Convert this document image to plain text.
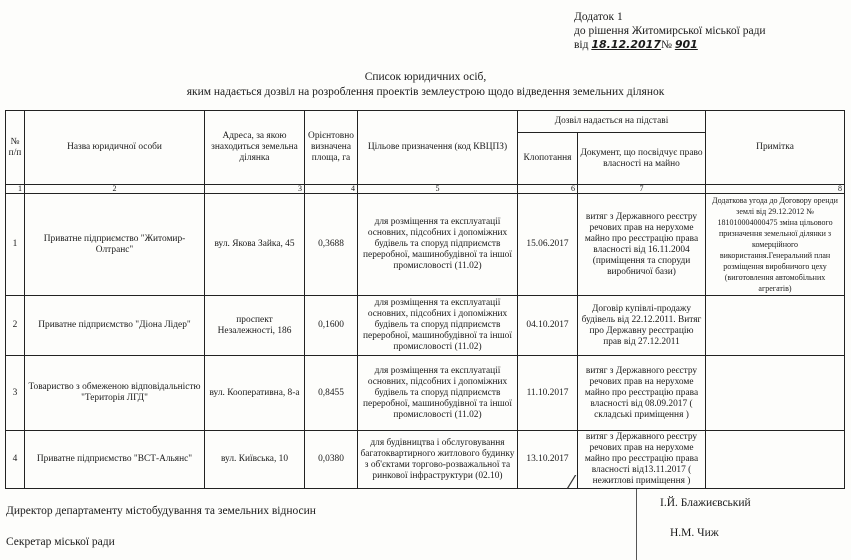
Додаток 1
до рішення Житомирської міської ради
від 18.12.2017№ 901
Список юридичних осіб,
яким надається дозвіл на розроблення проектів землеустрою щодо відведення земельних ділянок
№ п/п	Назва юридичної особи	Адреса, за якою знаходиться земельна ділянка	Орієнтовно визначена площа, га	Цільове призначення (код КВЦПЗ)	Дозвіл надається на підставі		Примітка
					Клопотання	Документ, що посвідчує право власності на майно	
1	2	3	4	5	6	7	8
1	Приватне підприємство "Житомир-Олтранс"	вул. Якова Зайка, 45	0,3688	для розміщення та експлуатації основних, підсобних і допоміжних будівель та споруд підприємств переробної, машинобудівної та іншої промисловості (11.02)	15.06.2017	витяг з Державного реєстру речових прав на нерухоме майно про реєстрацію права власності від 16.11.2004 (приміщення та споруди виробничої бази)	Додаткова угода до Договору оренди землі від 29.12.2012 № 181010004000475 зміна цільового призначення земельної ділянки з комерційного використання.Генеральний план розміщення виробничого цеху (виготовлення автомобільних агрегатів)
2	Приватне підприємство "Діона Лідер"	проспект Незалежності, 186	0,1600	для розміщення та експлуатації основних, підсобних і допоміжних будівель та споруд підприємств переробної, машинобудівної та іншої промисловості (11.02)	04.10.2017	Договір купівлі-продажу будівель від 22.12.2011. Витяг про Державну реєстрацію прав від 27.12.2011	
3	Товариство з обмеженою відповідальністю "Територія ЛГД"	вул. Кооперативна, 8-а	0,8455	для розміщення та експлуатації основних, підсобних і допоміжних будівель та споруд підприємств переробної, машинобудівної та іншої промисловості (11.02)	11.10.2017	витяг з Державного реєстру речових прав на нерухоме майно про реєстрацію права власності від 08.09.2017 ( складські приміщення )	
4	Приватне підприємство "ВСТ-Альянс"	вул. Київська, 10	0,0380	для будівництва і обслуговування багатоквартирного житлового будинку з об'єктами торгово-розважальної та ринкової інфраструктури (02.10)	13.10.2017	витяг з Державного реєстру речових прав на нерухоме майно про реєстрацію права власності від13.11.2017 ( нежитлові приміщення )	
⁄
Директор департаменту містобудування та земельних відносин
І.Й. Блажиєвський
Секретар міської ради
Н.М. Чиж
